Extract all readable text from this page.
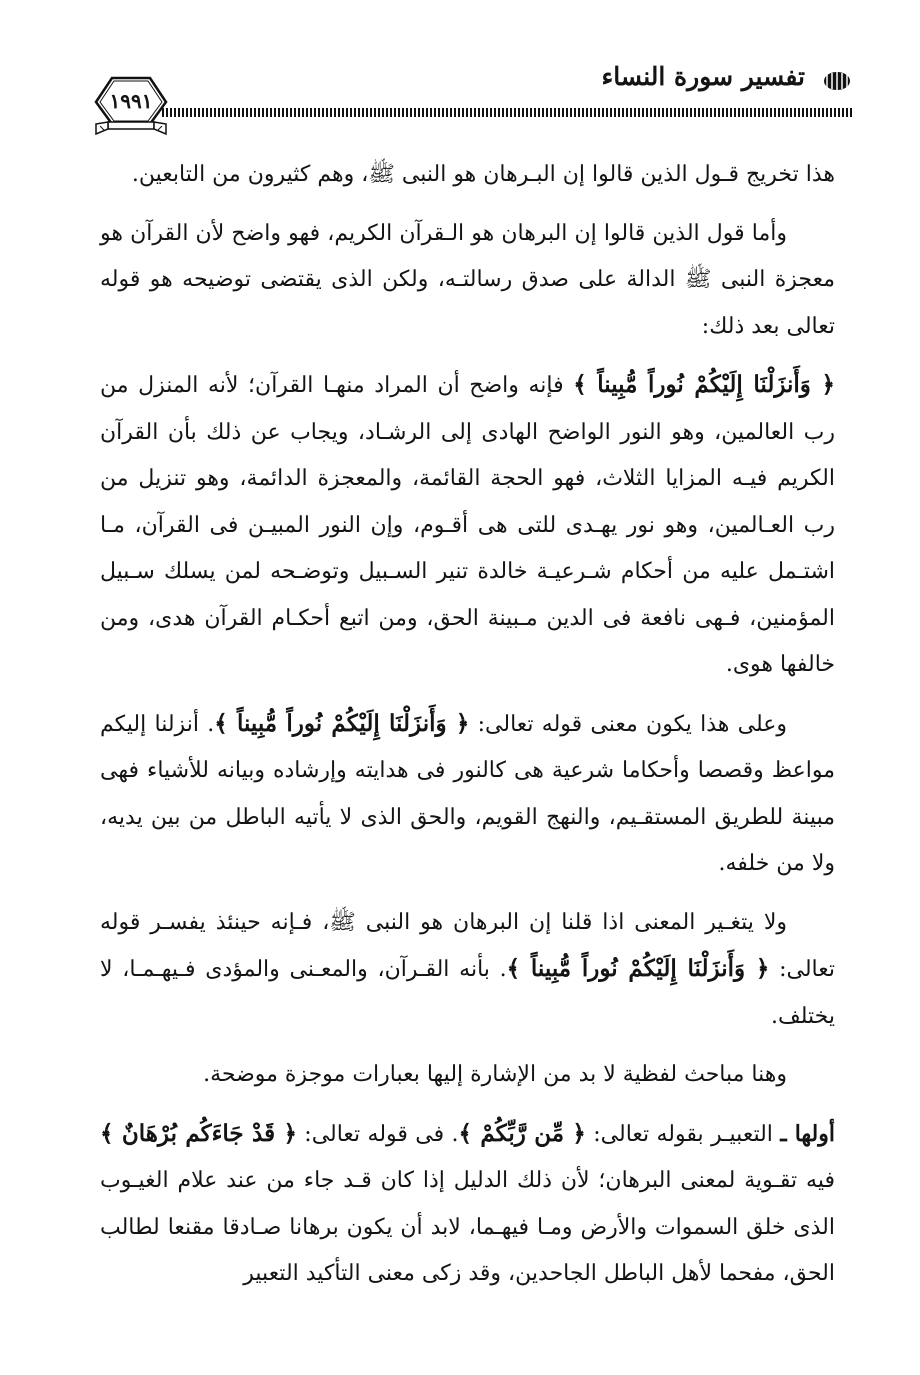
تفسير سورة النساء
١٩٩١

هذا تخريج قـول الذين قالوا إن البـرهان هو النبى ﷺ، وهم كثيرون من التابعين.

وأما قول الذين قالوا إن البرهان هو الـقرآن الكريم، فهو واضح لأن القرآن هو معجزة النبى ﷺ الدالة على صدق رسالتـه، ولكن الذى يقتضى توضيحه هو قوله تعالى بعد ذلك:

﴿ وَأَنزَلْنَا إِلَيْكُمْ نُوراً مُّبِيناً ﴾ فإنه واضح أن المراد منهـا القرآن؛ لأنه المنزل من رب العالمين، وهو النور الواضح الهادى إلى الرشـاد، ويجاب عن ذلك بأن القرآن الكريم فيـه المزايا الثلاث، فهو الحجة القائمة، والمعجزة الدائمة، وهو تنزيل من رب العـالمين، وهو نور يهـدى للتى هى أقـوم، وإن النور المبيـن فى القرآن، مـا اشتـمل عليه من أحكام شـرعيـة خالدة تنير السـبيل وتوضـحه لمن يسلك سـبيل المؤمنين، فـهى نافعة فى الدين مـبينة الحق، ومن اتبع أحكـام القرآن هدى، ومن خالفها هوى.

وعلى هذا يكون معنى قوله تعالى: ﴿ وَأَنزَلْنَا إِلَيْكُمْ نُوراً مُّبِيناً ﴾. أنزلنا إليكم مواعظ وقصصا وأحكاما شرعية هى كالنور فى هدايته وإرشاده وبيانه للأشياء فهى مبينة للطريق المستقـيم، والنهج القويم، والحق الذى لا يأتيه الباطل من بين يديه، ولا من خلفه.

ولا يتغـير المعنى اذا قلنا إن البرهان هو النبى ﷺ، فـإنه حينئذ يفسـر قوله تعالى: ﴿ وَأَنزَلْنَا إِلَيْكُمْ نُوراً مُّبِيناً ﴾. بأنه القـرآن، والمعـنى والمؤدى فـيهـمـا، لا يختلف.

وهنا مباحث لفظية لا بد من الإشارة إليها بعبارات موجزة موضحة.

أولها ـ التعبيـر بقوله تعالى: ﴿ مِّن رَّبِّكُمْ ﴾. فى قوله تعالى: ﴿ قَدْ جَاءَكُم بُرْهَانٌ ﴾ فيه تقـوية لمعنى البرهان؛ لأن ذلك الدليل إذا كان قـد جاء من عند علام الغيـوب الذى خلق السموات والأرض ومـا فيهـما، لابد أن يكون برهانا صـادقا مقنعا لطالب الحق، مفحما لأهل الباطل الجاحدين، وقد زكى معنى التأكيد التعبير
